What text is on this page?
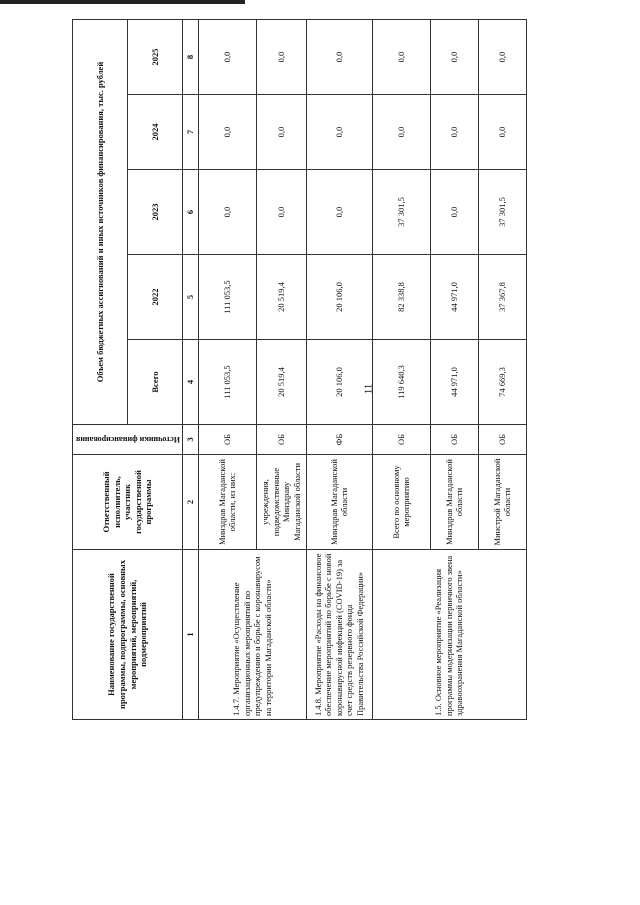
11
Наименование государственной программы, подпрограммы, основных мероприятий, мероприятий, подмероприятий	Ответственный исполнитель, участник государственной программы	Источники финансирования	Объем бюджетных ассигнований и иных источников финансирования, тыс. рублей				
			Всего	2022	2023	2024	2025
1	2	3	4	5	6	7	8
1.4.7. Мероприятие «Осуществление организационных мероприятий по предупреждению и борьбе с коронавирусом на территории Магаданской области»	Минздрав Магаданской области, из них:	ОБ	111 053,5	111 053,5	0,0	0,0	0,0
	учреждения, подведомственные Минздраву Магаданской области	ОБ	20 519,4	20 519,4	0,0	0,0	0,0
1.4.8. Мероприятие «Расходы на финансовое обеспечение мероприятий по борьбе с новой коронавирусной инфекцией (COVID-19) за счет средств резервного фонда Правительства Российской Федерации»	Минздрав Магаданской области	ФБ	20 106,0	20 106,0	0,0	0,0	0,0
1.5. Основное мероприятие «Реализация программы модернизации первичного звена здравоохранения Магаданской области»	Всего по основному мероприятию	ОБ	119 640,3	82 338,8	37 301,5	0,0	0,0
	Минздрав Магаданской области	ОБ	44 971,0	44 971,0	0,0	0,0	0,0
	Минстрой Магаданской области	ОБ	74 669,3	37 367,8	37 301,5	0,0	0,0
